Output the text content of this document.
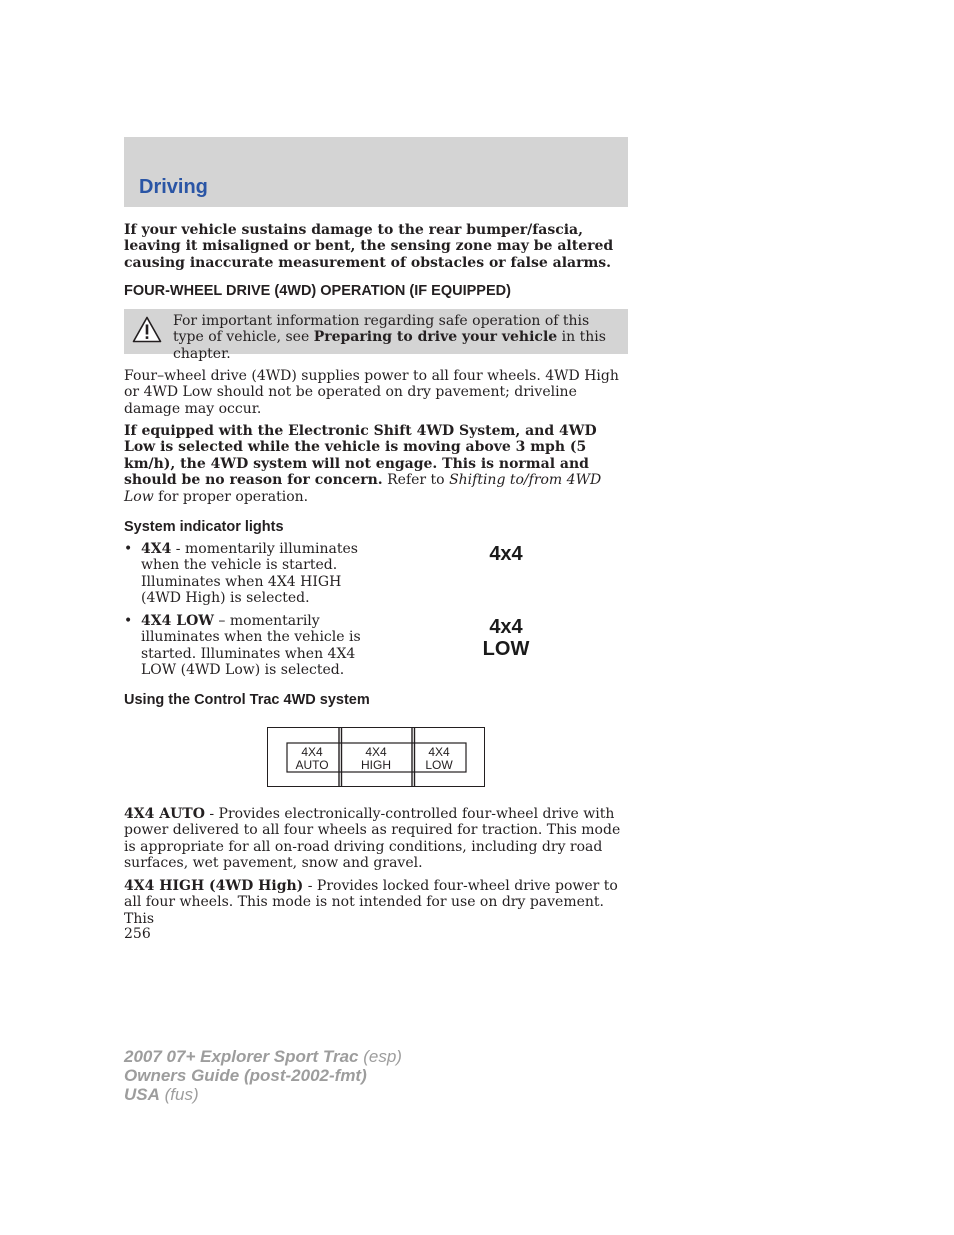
Driving

If your vehicle sustains damage to the rear bumper/fascia, leaving it misaligned or bent, the sensing zone may be altered causing inaccurate measurement of obstacles or false alarms.

FOUR-WHEEL DRIVE (4WD) OPERATION (IF EQUIPPED)
For important information regarding safe operation of this type of vehicle, see Preparing to drive your vehicle in this chapter.

Four–wheel drive (4WD) supplies power to all four wheels. 4WD High or 4WD Low should not be operated on dry pavement; driveline damage may occur.

If equipped with the Electronic Shift 4WD System, and 4WD Low is selected while the vehicle is moving above 3 mph (5 km/h), the 4WD system will not engage. This is normal and should be no reason for concern. Refer to Shifting to/from 4WD Low for proper operation.

System indicator lights
• 4X4 - momentarily illuminates when the vehicle is started. Illuminates when 4X4 HIGH (4WD High) is selected.
• 4X4 LOW – momentarily illuminates when the vehicle is started. Illuminates when 4X4 LOW (4WD Low) is selected.
4x4
4x4
LOW
Using the Control Trac 4WD system
4X4
AUTO
4X4
HIGH
4X4
LOW

4X4 AUTO - Provides electronically-controlled four-wheel drive with power delivered to all four wheels as required for traction. This mode is appropriate for all on-road driving conditions, including dry road surfaces, wet pavement, snow and gravel.

4X4 HIGH (4WD High) - Provides locked four-wheel drive power to all four wheels. This mode is not intended for use on dry pavement. This

256
2007 07+ Explorer Sport Trac (esp)
Owners Guide (post-2002-fmt)
USA (fus)
